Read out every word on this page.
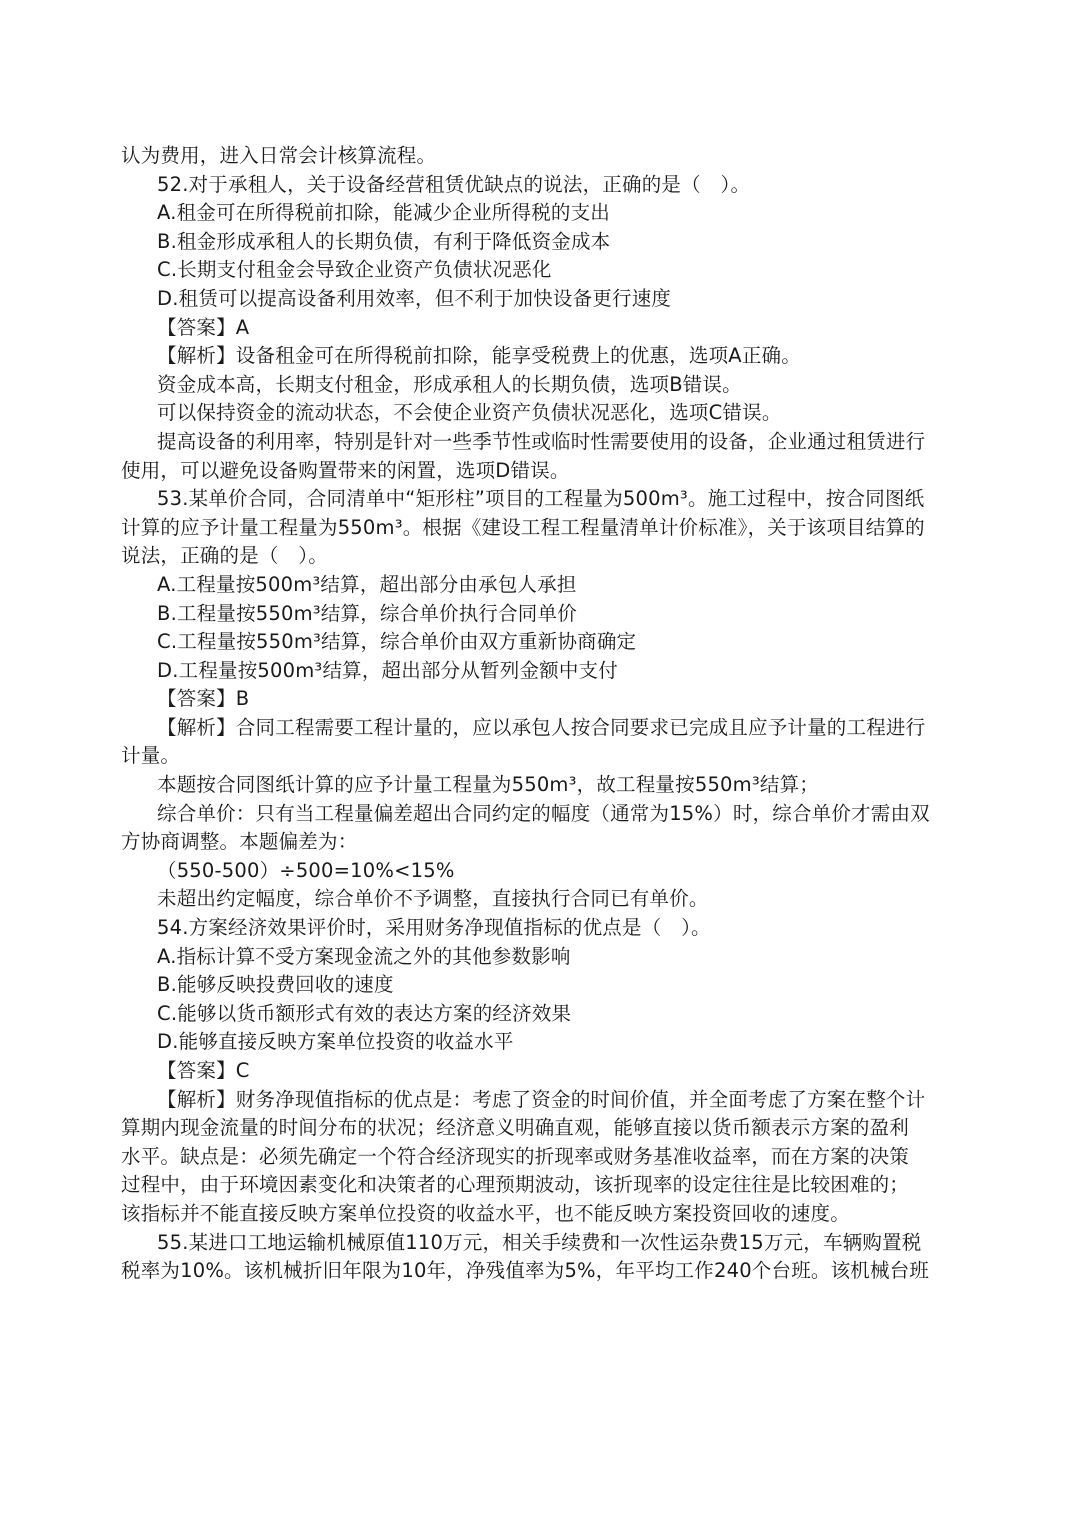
认为费用，进入日常会计核算流程。
52.对于承租人，关于设备经营租赁优缺点的说法，正确的是（　）。
A.租金可在所得税前扣除，能减少企业所得税的支出
B.租金形成承租人的长期负债，有利于降低资金成本
C.长期支付租金会导致企业资产负债状况恶化
D.租赁可以提高设备利用效率，但不利于加快设备更行速度
【答案】A
【解析】设备租金可在所得税前扣除，能享受税费上的优惠，选项A正确。
资金成本高，长期支付租金，形成承租人的长期负债，选项B错误。
可以保持资金的流动状态，不会使企业资产负债状况恶化，选项C错误。
提高设备的利用率，特别是针对一些季节性或临时性需要使用的设备，企业通过租赁进行
使用，可以避免设备购置带来的闲置，选项D错误。
53.某单价合同，合同清单中“矩形柱”项目的工程量为500m³。施工过程中，按合同图纸
计算的应予计量工程量为550m³。根据《建设工程工程量清单计价标准》，关于该项目结算的
说法，正确的是（　）。
A.工程量按500m³结算，超出部分由承包人承担
B.工程量按550m³结算，综合单价执行合同单价
C.工程量按550m³结算，综合单价由双方重新协商确定
D.工程量按500m³结算，超出部分从暂列金额中支付
【答案】B
【解析】合同工程需要工程计量的，应以承包人按合同要求已完成且应予计量的工程进行
计量。
本题按合同图纸计算的应予计量工程量为550m³，故工程量按550m³结算；
综合单价：只有当工程量偏差超出合同约定的幅度（通常为15%）时，综合单价才需由双
方协商调整。本题偏差为：
（550-500）÷500=10%<15%
未超出约定幅度，综合单价不予调整，直接执行合同已有单价。
54.方案经济效果评价时，采用财务净现值指标的优点是（　）。
A.指标计算不受方案现金流之外的其他参数影响
B.能够反映投费回收的速度
C.能够以货币额形式有效的表达方案的经济效果
D.能够直接反映方案单位投资的收益水平
【答案】C
【解析】财务净现值指标的优点是：考虑了资金的时间价值，并全面考虑了方案在整个计
算期内现金流量的时间分布的状况；经济意义明确直观，能够直接以货币额表示方案的盈利
水平。缺点是：必须先确定一个符合经济现实的折现率或财务基准收益率，而在方案的决策
过程中，由于环境因素变化和决策者的心理预期波动，该折现率的设定往往是比较困难的；
该指标并不能直接反映方案单位投资的收益水平，也不能反映方案投资回收的速度。
55.某进口工地运输机械原值110万元，相关手续费和一次性运杂费15万元，车辆购置税
税率为10%。该机械折旧年限为10年，净残值率为5%，年平均工作240个台班。该机械台班
